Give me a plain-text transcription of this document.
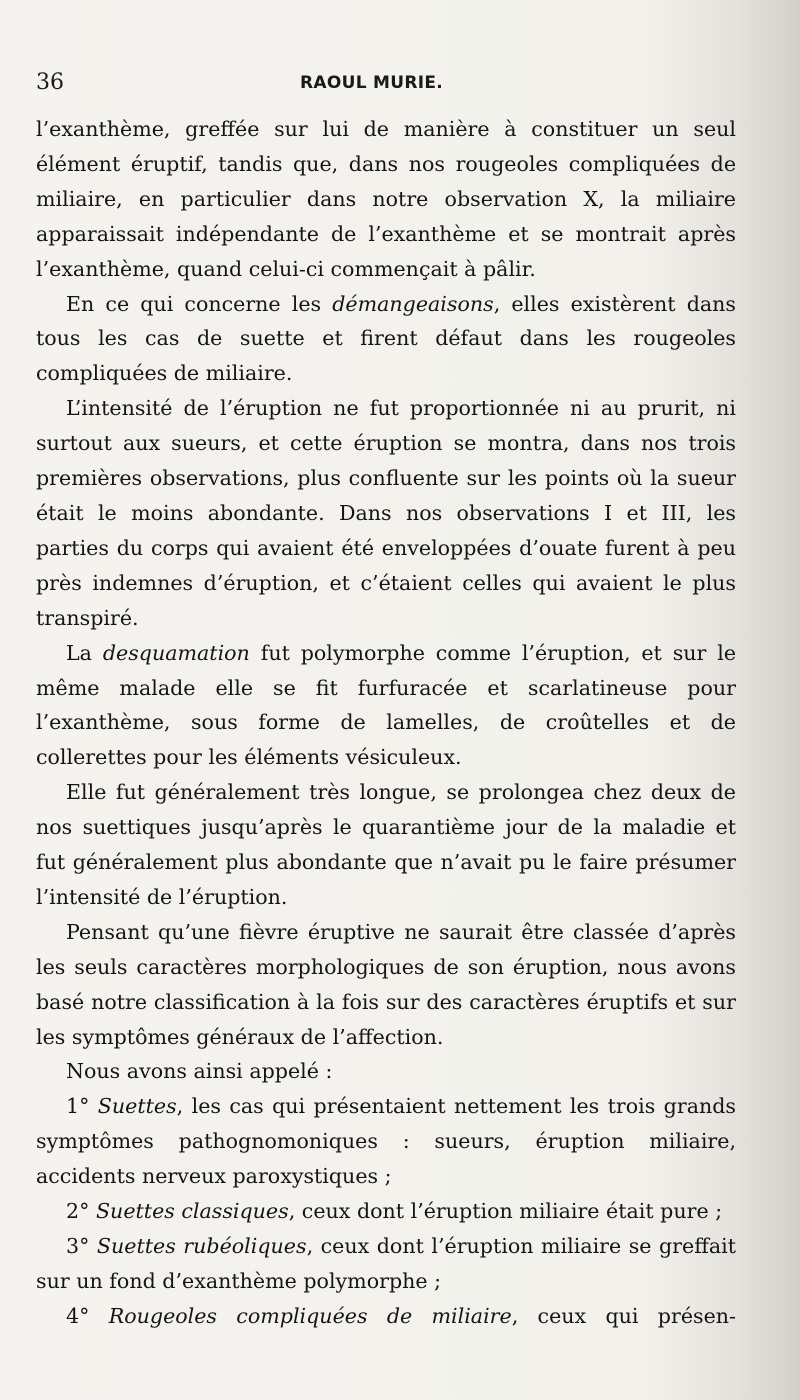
36	RAOUL MURIE.

l’exanthème, greffée sur lui de manière à constituer un seul élément éruptif, tandis que, dans nos rougeoles compliquées de miliaire, en particulier dans notre observation X, la miliaire apparaissait indépendante de l’exanthème et se montrait après l’exanthème, quand celui-ci commençait à pâlir.

En ce qui concerne les démangeaisons, elles existèrent dans tous les cas de suette et firent défaut dans les rougeoles compliquées de miliaire.

L’intensité de l’éruption ne fut proportionnée ni au prurit, ni surtout aux sueurs, et cette éruption se montra, dans nos trois premières observations, plus confluente sur les points où la sueur était le moins abondante. Dans nos observations I et III, les parties du corps qui avaient été enveloppées d’ouate furent à peu près indemnes d’éruption, et c’étaient celles qui avaient le plus transpiré.

La desquamation fut polymorphe comme l’éruption, et sur le même malade elle se fit furfuracée et scarlatineuse pour l’exanthème, sous forme de lamelles, de croûtelles et de collerettes pour les éléments vésiculeux.

Elle fut généralement très longue, se prolongea chez deux de nos suettiques jusqu’après le quarantième jour de la maladie et fut généralement plus abondante que n’avait pu le faire présumer l’intensité de l’éruption.

Pensant qu’une fièvre éruptive ne saurait être classée d’après les seuls caractères morphologiques de son éruption, nous avons basé notre classification à la fois sur des caractères éruptifs et sur les symptômes généraux de l’affection.

Nous avons ainsi appelé :

1° Suettes, les cas qui présentaient nettement les trois grands symptômes pathognomoniques : sueurs, éruption miliaire, accidents nerveux paroxystiques ;

2° Suettes classiques, ceux dont l’éruption miliaire était pure ;

3° Suettes rubéoliques, ceux dont l’éruption miliaire se greffait sur un fond d’exanthème polymorphe ;

4° Rougeoles compliquées de miliaire, ceux qui présen-
